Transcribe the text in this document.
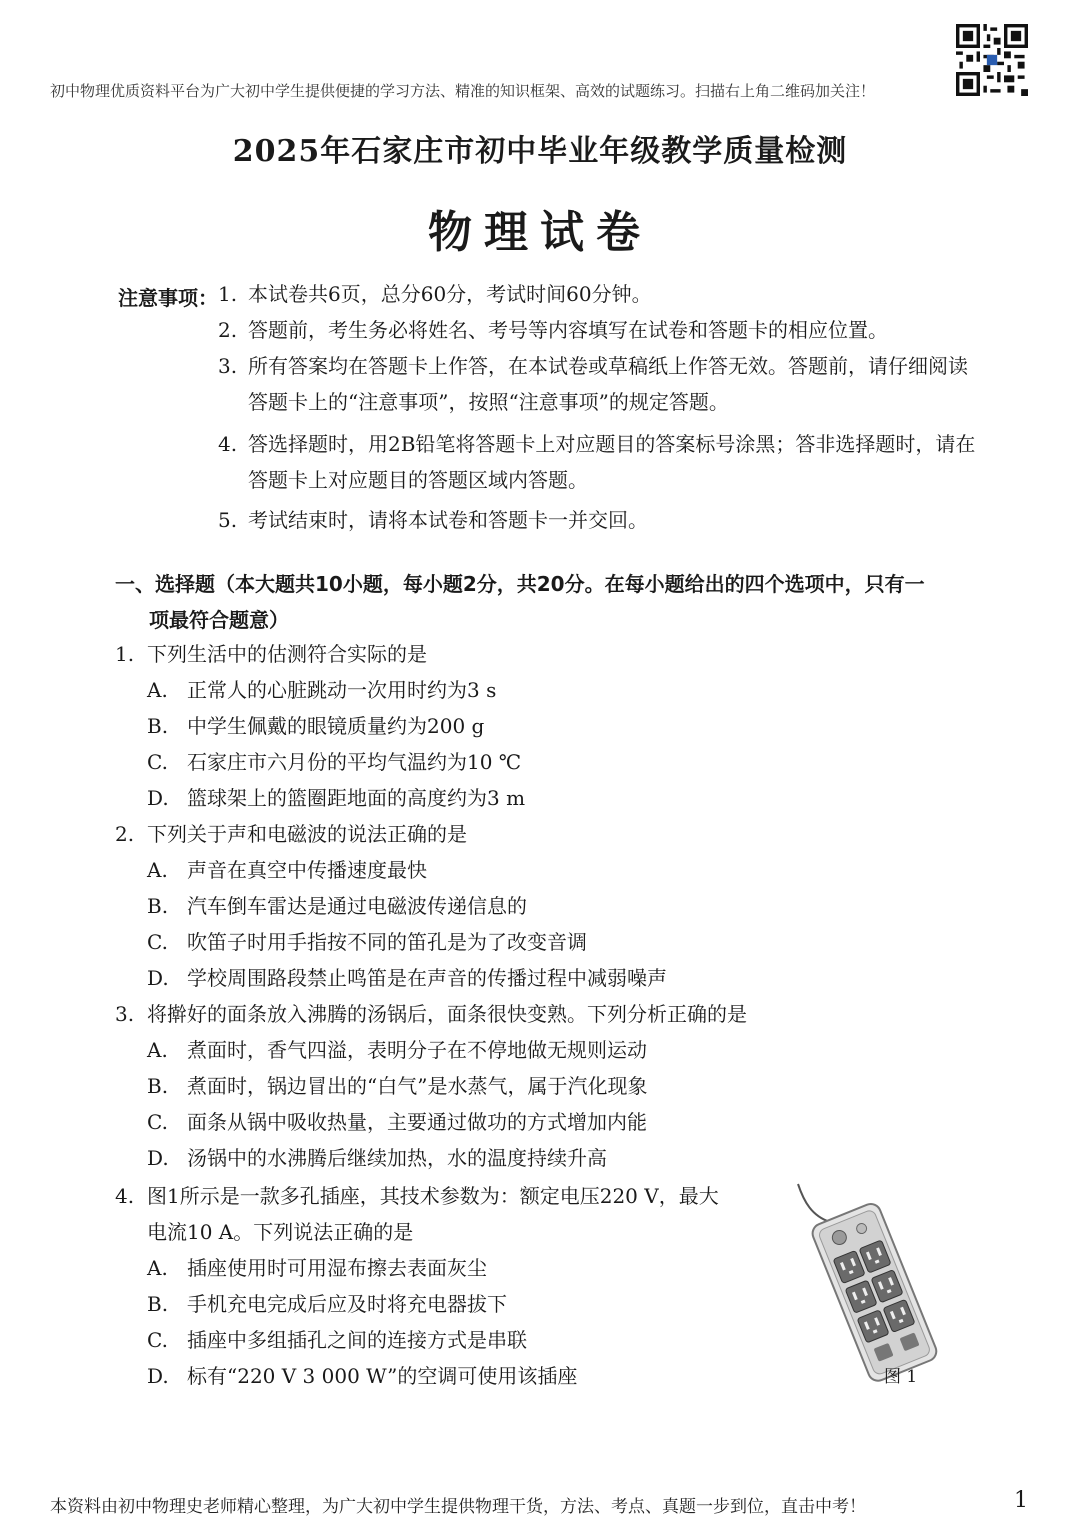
初中物理优质资料平台为广大初中学生提供便捷的学习方法、精准的知识框架、高效的试题练习。扫描右上角二维码加关注！
2025年石家庄市初中毕业年级教学质量检测
物理试卷
注意事项： 1. 本试卷共6页，总分60分，考试时间60分钟。
2. 答题前，考生务必将姓名、考号等内容填写在试卷和答题卡的相应位置。
3. 所有答案均在答题卡上作答，在本试卷或草稿纸上作答无效。答题前，请仔细阅读答题卡上的“注意事项”，按照“注意事项”的规定答题。
4. 答选择题时，用2B铅笔将答题卡上对应题目的答案标号涂黑；答非选择题时，请在答题卡上对应题目的答题区域内答题。
5. 考试结束时，请将本试卷和答题卡一并交回。
一、选择题（本大题共10小题，每小题2分，共20分。在每小题给出的四个选项中，只有一
项最符合题意）
1. 下列生活中的估测符合实际的是
A. 正常人的心脏跳动一次用时约为3 s
B. 中学生佩戴的眼镜质量约为200 g
C. 石家庄市六月份的平均气温约为10 ℃
D. 篮球架上的篮圈距地面的高度约为3 m
2. 下列关于声和电磁波的说法正确的是
A. 声音在真空中传播速度最快
B. 汽车倒车雷达是通过电磁波传递信息的
C. 吹笛子时用手指按不同的笛孔是为了改变音调
D. 学校周围路段禁止鸣笛是在声音的传播过程中减弱噪声
3. 将擀好的面条放入沸腾的汤锅后，面条很快变熟。下列分析正确的是
A. 煮面时，香气四溢，表明分子在不停地做无规则运动
B. 煮面时，锅边冒出的“白气”是水蒸气，属于汽化现象
C. 面条从锅中吸收热量，主要通过做功的方式增加内能
D. 汤锅中的水沸腾后继续加热，水的温度持续升高
4. 图1所示是一款多孔插座，其技术参数为：额定电压220 V，最大
电流10 A。下列说法正确的是
A. 插座使用时可用湿布擦去表面灰尘
B. 手机充电完成后应及时将充电器拔下
C. 插座中多组插孔之间的连接方式是串联
D. 标有“220 V 3 000 W”的空调可使用该插座	图 1
本资料由初中物理史老师精心整理，为广大初中学生提供物理干货，方法、考点、真题一步到位，直击中考！	1
